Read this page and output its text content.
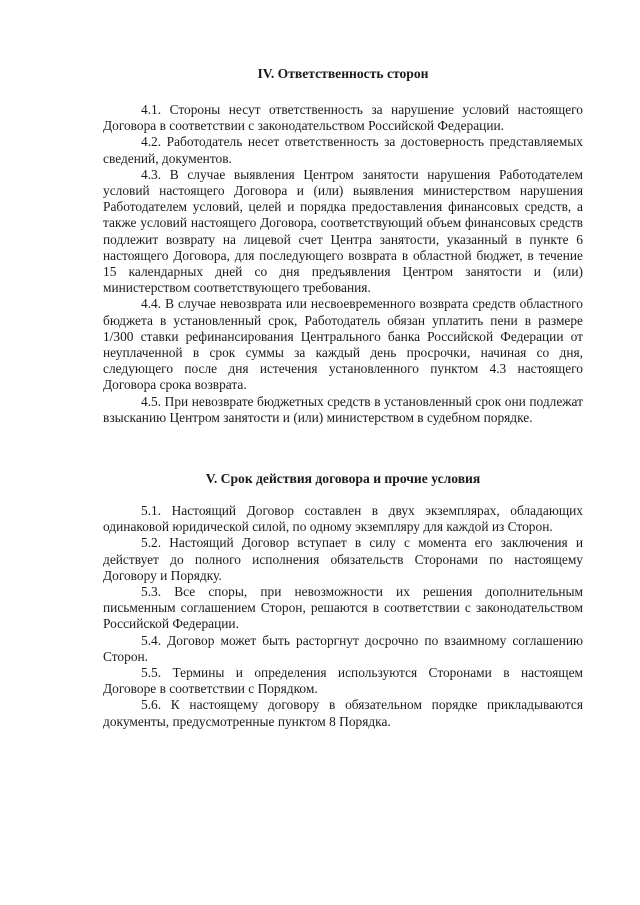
IV. Ответственность сторон

4.1. Стороны несут ответственность за нарушение условий настоящего Договора в соответствии с законодательством Российской Федерации.

4.2. Работодатель несет ответственность за достоверность представляемых сведений, документов.

4.3. В случае выявления Центром занятости нарушения Работодателем условий настоящего Договора и (или) выявления министерством нарушения Работодателем условий, целей и порядка предоставления финансовых средств, а также условий настоящего Договора, соответствующий объем финансовых средств подлежит возврату на лицевой счет Центра занятости, указанный в пункте 6 настоящего Договора, для последующего возврата в областной бюджет, в течение 15 календарных дней со дня предъявления Центром занятости и (или) министерством соответствующего требования.

4.4. В случае невозврата или несвоевременного возврата средств областного бюджета в установленный срок, Работодатель обязан уплатить пени в размере 1/300 ставки рефинансирования Центрального банка Российской Федерации от неуплаченной в срок суммы за каждый день просрочки, начиная со дня, следующего после дня истечения установленного пунктом 4.3 настоящего Договора срока возврата.

4.5. При невозврате бюджетных средств в установленный срок они подлежат взысканию Центром занятости и (или) министерством в судебном порядке.

V. Срок действия договора и прочие условия

5.1. Настоящий Договор составлен в двух экземплярах, обладающих одинаковой юридической силой, по одному экземпляру для каждой из Сторон.

5.2. Настоящий Договор вступает в силу с момента его заключения и действует до полного исполнения обязательств Сторонами по настоящему Договору и Порядку.

5.3. Все споры, при невозможности их решения дополнительным письменным соглашением Сторон, решаются в соответствии с законодательством Российской Федерации.

5.4. Договор может быть расторгнут досрочно по взаимному соглашению Сторон.

5.5. Термины и определения используются Сторонами в настоящем Договоре в соответствии с Порядком.

5.6. К настоящему договору в обязательном порядке прикладываются документы, предусмотренные пунктом 8 Порядка.
